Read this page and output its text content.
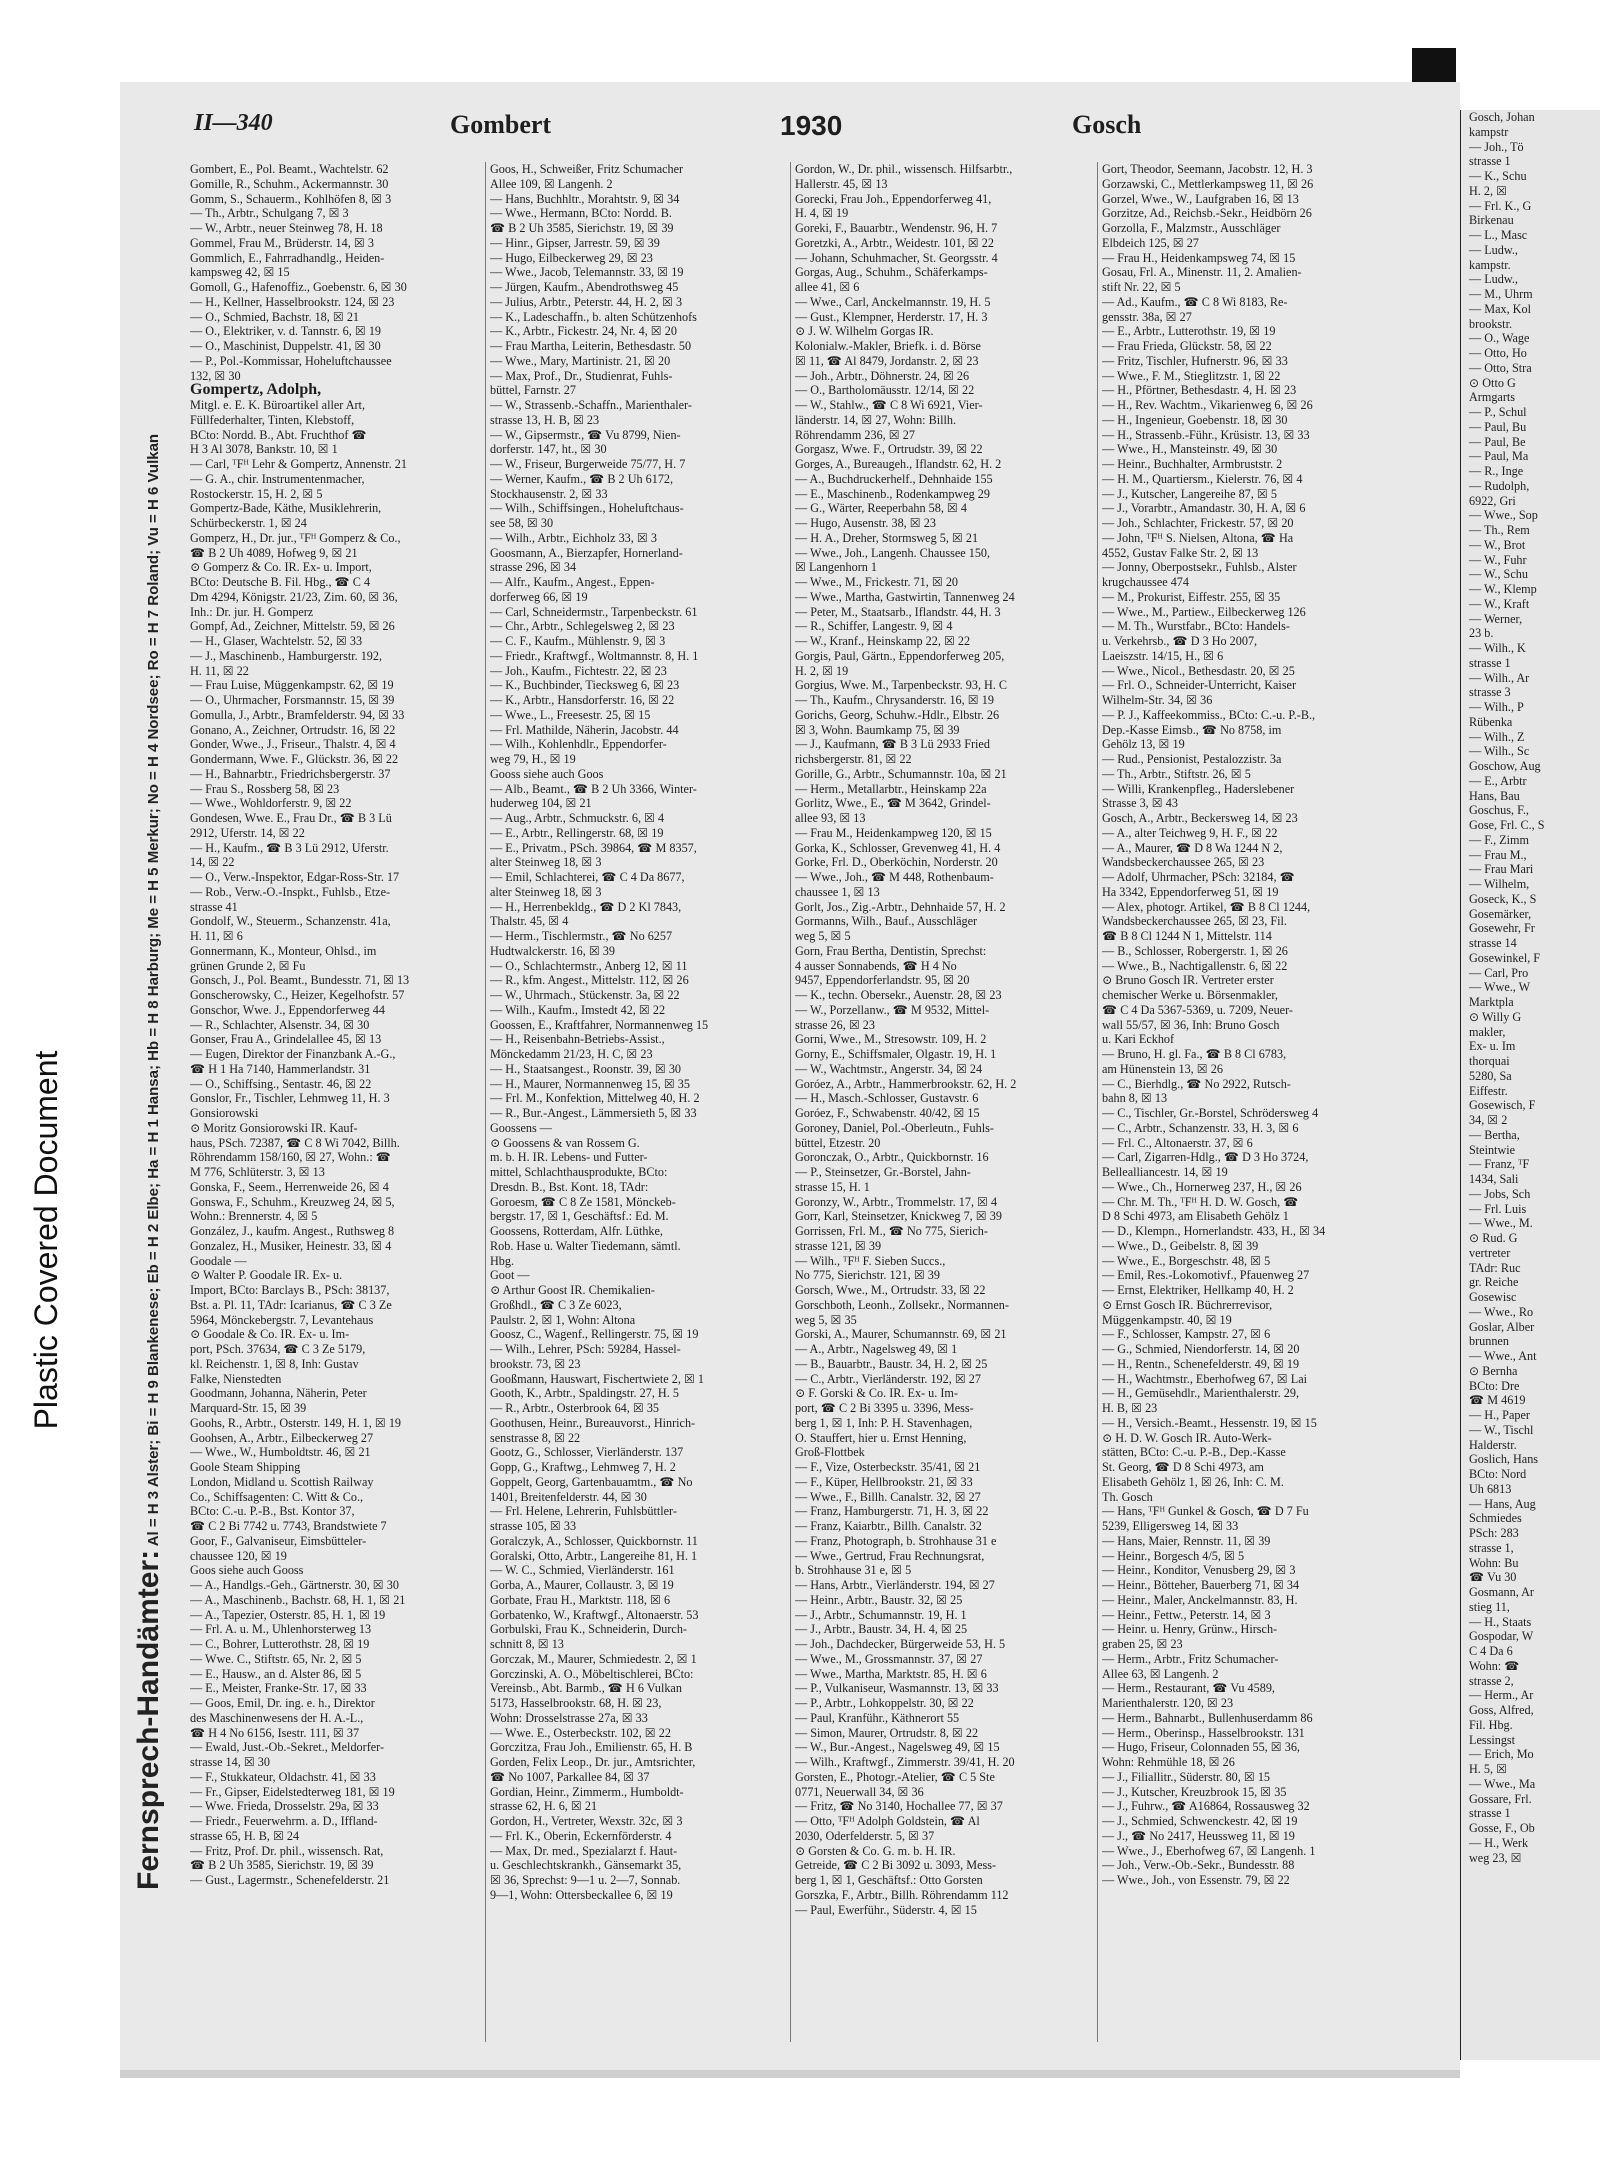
Gosch, Johan
kampstr
— Joh., Tö
strasse 1
— K., Schu
H. 2, ☒
— Frl. K., G
Birkenau
— L., Masc
— Ludw.,
kampstr.
— Ludw.,
— M., Uhrm
— Max, Kol
brookstr.
— O., Wage
— Otto, Ho
— Otto, Stra
⊙ Otto G
Armgarts
— P., Schul
— Paul, Bu
— Paul, Be
— Paul, Ma
— R., Inge
— Rudolph,
6922, Gri
— Wwe., Sop
— Th., Rem
— W., Brot
— W., Fuhr
— W., Schu
— W., Klemp
— W., Kraft
— Werner,
23 b.
— Wilh., K
strasse 1
— Wilh., Ar
strasse 3
— Wilh., P
Rübenka
— Wilh., Z
— Wilh., Sc
Goschow, Aug
— E., Arbtr
Hans, Bau
Goschus, F.,
Gose, Frl. C., S
— F., Zimm
— Frau M.,
— Frau Mari
— Wilhelm,
Goseck, K., S
Gosemärker,
Gosewehr, Fr
strasse 14
Gosewinkel, F
— Carl, Pro
— Wwe., W
Marktpla
⊙ Willy G
makler,
Ex- u. Im
thorquai
5280, Sa
Eiffestr.
Gosewisch, F
34, ☒ 2
— Bertha,
Steintwie
— Franz, ᵀF
1434, Sali
— Jobs, Sch
— Frl. Luis
— Wwe., M.
⊙ Rud. G
vertreter
TAdr: Ruc
gr. Reiche
Gosewisc
— Wwe., Ro
Goslar, Alber
brunnen
— Wwe., Ant
⊙ Bernha
BCto: Dre
☎ M 4619
— H., Paper
— W., Tischl
Halderstr.
Goslich, Hans
BCto: Nord
Uh 6813
— Hans, Aug
Schmiedes
PSch: 283
strasse 1,
Wohn: Bu
☎ Vu 30
Gosmann, Ar
stieg 11,
— H., Staats
Gospodar, W
C 4 Da 6
Wohn: ☎
strasse 2,
— Herm., Ar
Goss, Alfred,
Fil. Hbg.
Lessingst
— Erich, Mo
H. 5, ☒
— Wwe., Ma
Gossare, Frl.
strasse 1
Gosse, F., Ob
— H., Werk
weg 23, ☒
II—340	Gombert	1930	Gosch
Fernsprech-Handämter: Al = H 3 Alster; Bi = H 9 Blankenese; Eb = H 2 Elbe; Ha = H 1 Hansa; Hb = H 8 Harburg; Me = H 5 Merkur; No = H 4 Nordsee; Ro = H 7 Roland; Vu = H 6 Vulkan
Gombert, E., Pol. Beamt., Wachtelstr. 62
Gomille, R., Schuhm., Ackermannstr. 30
Gomm, S., Schauerm., Kohlhöfen 8, ☒ 3
— Th., Arbtr., Schulgang 7, ☒ 3
— W., Arbtr., neuer Steinweg 78, H. 18
Gommel, Frau M., Brüderstr. 14, ☒ 3
Gommlich, E., Fahrradhandlg., Heiden-
kampsweg 42, ☒ 15
Gomoll, G., Hafenoffiz., Goebenstr. 6, ☒ 30
— H., Kellner, Hasselbrookstr. 124, ☒ 23
— O., Schmied, Bachstr. 18, ☒ 21
— O., Elektriker, v. d. Tannstr. 6, ☒ 19
— O., Maschinist, Duppelstr. 41, ☒ 30
— P., Pol.-Kommissar, Hoheluftchaussee
132, ☒ 30
Gompertz, Adolph,
Mitgl. e. E. K. Büroartikel aller Art,
Füllfederhalter, Tinten, Klebstoff,
BCto: Nordd. B., Abt. Fruchthof ☎
H 3 Al 3078, Bankstr. 10, ☒ 1
— Carl, ᵀFᴴ Lehr & Gompertz, Annenstr. 21
— G. A., chir. Instrumentenmacher,
Rostockerstr. 15, H. 2, ☒ 5
Gompertz-Bade, Käthe, Musiklehrerin,
Schürbeckerstr. 1, ☒ 24
Gomperz, H., Dr. jur., ᵀFᴴ Gomperz & Co.,
☎ B 2 Uh 4089, Hofweg 9, ☒ 21
⊙ Gomperz & Co. IR. Ex- u. Import,
BCto: Deutsche B. Fil. Hbg., ☎ C 4
Dm 4294, Königstr. 21/23, Zim. 60, ☒ 36,
Inh.: Dr. jur. H. Gomperz
Gompf, Ad., Zeichner, Mittelstr. 59, ☒ 26
— H., Glaser, Wachtelstr. 52, ☒ 33
— J., Maschinenb., Hamburgerstr. 192,
H. 11, ☒ 22
— Frau Luise, Müggenkampstr. 62, ☒ 19
— O., Uhrmacher, Forsmannstr. 15, ☒ 39
Gomulla, J., Arbtr., Bramfelderstr. 94, ☒ 33
Gonano, A., Zeichner, Ortrudstr. 16, ☒ 22
Gonder, Wwe., J., Friseur., Thalstr. 4, ☒ 4
Gondermann, Wwe. F., Glückstr. 36, ☒ 22
— H., Bahnarbtr., Friedrichsbergerstr. 37
— Frau S., Rossberg 58, ☒ 23
— Wwe., Wohldorferstr. 9, ☒ 22
Gondesen, Wwe. E., Frau Dr., ☎ B 3 Lü
2912, Uferstr. 14, ☒ 22
— H., Kaufm., ☎ B 3 Lü 2912, Uferstr.
14, ☒ 22
— O., Verw.-Inspektor, Edgar-Ross-Str. 17
— Rob., Verw.-O.-Inspkt., Fuhlsb., Etze-
strasse 41
Gondolf, W., Steuerm., Schanzenstr. 41a,
H. 11, ☒ 6
Gonnermann, K., Monteur, Ohlsd., im
grünen Grunde 2, ☒ Fu
Gonsch, J., Pol. Beamt., Bundesstr. 71, ☒ 13
Gonscherowsky, C., Heizer, Kegelhofstr. 57
Gonschor, Wwe. J., Eppendorferweg 44
— R., Schlachter, Alsenstr. 34, ☒ 30
Gonser, Frau A., Grindelallee 45, ☒ 13
— Eugen, Direktor der Finanzbank A.-G.,
☎ H 1 Ha 7140, Hammerlandstr. 31
— O., Schiffsing., Sentastr. 46, ☒ 22
Gonslor, Fr., Tischler, Lehmweg 11, H. 3
Gonsiorowski
⊙ Moritz Gonsiorowski IR. Kauf-
haus, PSch. 72387, ☎ C 8 Wi 7042, Billh.
Röhrendamm 158/160, ☒ 27, Wohn.: ☎
M 776, Schlüterstr. 3, ☒ 13
Gonska, F., Seem., Herrenweide 26, ☒ 4
Gonswa, F., Schuhm., Kreuzweg 24, ☒ 5,
Wohn.: Brennerstr. 4, ☒ 5
González, J., kaufm. Angest., Ruthsweg 8
Gonzalez, H., Musiker, Heinestr. 33, ☒ 4
Goodale —
⊙ Walter P. Goodale IR. Ex- u.
Import, BCto: Barclays B., PSch: 38137,
Bst. a. Pl. 11, TAdr: Icarianus, ☎ C 3 Ze
5964, Mönckebergstr. 7, Levantehaus
⊙ Goodale & Co. IR. Ex- u. Im-
port, PSch. 37634, ☎ C 3 Ze 5179,
kl. Reichenstr. 1, ☒ 8, Inh: Gustav
Falke, Nienstedten
Goodmann, Johanna, Näherin, Peter
Marquard-Str. 15, ☒ 39
Goohs, R., Arbtr., Osterstr. 149, H. 1, ☒ 19
Goohsen, A., Arbtr., Eilbeckerweg 27
— Wwe., W., Humboldtstr. 46, ☒ 21
Goole Steam Shipping
London, Midland u. Scottish Railway
Co., Schiffsagenten: C. Witt & Co.,
BCto: C.-u. P.-B., Bst. Kontor 37,
☎ C 2 Bi 7742 u. 7743, Brandstwiete 7
Goor, F., Galvaniseur, Eimsbütteler-
chaussee 120, ☒ 19
Goos siehe auch Gooss
— A., Handlgs.-Geh., Gärtnerstr. 30, ☒ 30
— A., Maschinenb., Bachstr. 68, H. 1, ☒ 21
— A., Tapezier, Osterstr. 85, H. 1, ☒ 19
— Frl. A. u. M., Uhlenhorsterweg 13
— C., Bohrer, Lutterothstr. 28, ☒ 19
— Wwe. C., Stiftstr. 65, Nr. 2, ☒ 5
— E., Hausw., an d. Alster 86, ☒ 5
— E., Meister, Franke-Str. 17, ☒ 33
— Goos, Emil, Dr. ing. e. h., Direktor
des Maschinenwesens der H. A.-L.,
☎ H 4 No 6156, Isestr. 111, ☒ 37
— Ewald, Just.-Ob.-Sekret., Meldorfer-
strasse 14, ☒ 30
— F., Stukkateur, Oldachstr. 41, ☒ 33
— Fr., Gipser, Eidelstedterweg 181, ☒ 19
— Wwe. Frieda, Drosselstr. 29a, ☒ 33
— Friedr., Feuerwehrm. a. D., Iffland-
strasse 65, H. B, ☒ 24
— Fritz, Prof. Dr. phil., wissensch. Rat,
☎ B 2 Uh 3585, Sierichstr. 19, ☒ 39
— Gust., Lagermstr., Schenefelderstr. 21
Goos, H., Schweißer, Fritz Schumacher
Allee 109, ☒ Langenh. 2
— Hans, Buchhltr., Morahtstr. 9, ☒ 34
— Wwe., Hermann, BCto: Nordd. B.
☎ B 2 Uh 3585, Sierichstr. 19, ☒ 39
— Hinr., Gipser, Jarrestr. 59, ☒ 39
— Hugo, Eilbeckerweg 29, ☒ 23
— Wwe., Jacob, Telemannstr. 33, ☒ 19
— Jürgen, Kaufm., Abendrothsweg 45
— Julius, Arbtr., Peterstr. 44, H. 2, ☒ 3
— K., Ladeschaffn., b. alten Schützenhofs
— K., Arbtr., Fickestr. 24, Nr. 4, ☒ 20
— Frau Martha, Leiterin, Bethesdastr. 50
— Wwe., Mary, Martinistr. 21, ☒ 20
— Max, Prof., Dr., Studienrat, Fuhls-
büttel, Farnstr. 27
— W., Strassenb.-Schaffn., Marienthaler-
strasse 13, H. B, ☒ 23
— W., Gipsermstr., ☎ Vu 8799, Nien-
dorferstr. 147, ht., ☒ 30
— W., Friseur, Burgerweide 75/77, H. 7
— Werner, Kaufm., ☎ B 2 Uh 6172,
Stockhausenstr. 2, ☒ 33
— Wilh., Schiffsingen., Hoheluftchaus-
see 58, ☒ 30
— Wilh., Arbtr., Eichholz 33, ☒ 3
Goosmann, A., Bierzapfer, Hornerland-
strasse 296, ☒ 34
— Alfr., Kaufm., Angest., Eppen-
dorferweg 66, ☒ 19
— Carl, Schneidermstr., Tarpenbeckstr. 61
— Chr., Arbtr., Schlegelsweg 2, ☒ 23
— C. F., Kaufm., Mühlenstr. 9, ☒ 3
— Friedr., Kraftwgf., Woltmannstr. 8, H. 1
— Joh., Kaufm., Fichtestr. 22, ☒ 23
— K., Buchbinder, Tiecksweg 6, ☒ 23
— K., Arbtr., Hansdorferstr. 16, ☒ 22
— Wwe., L., Freesestr. 25, ☒ 15
— Frl. Mathilde, Näherin, Jacobstr. 44
— Wilh., Kohlenhdlr., Eppendorfer-
weg 79, H., ☒ 19
Gooss siehe auch Goos
— Alb., Beamt., ☎ B 2 Uh 3366, Winter-
huderweg 104, ☒ 21
— Aug., Arbtr., Schmuckstr. 6, ☒ 4
— E., Arbtr., Rellingerstr. 68, ☒ 19
— E., Privatm., PSch. 39864, ☎ M 8357,
alter Steinweg 18, ☒ 3
— Emil, Schlachterei, ☎ C 4 Da 8677,
alter Steinweg 18, ☒ 3
— H., Herrenbekldg., ☎ D 2 Kl 7843,
Thalstr. 45, ☒ 4
— Herm., Tischlermstr., ☎ No 6257
Hudtwalckerstr. 16, ☒ 39
— O., Schlachtermstr., Anberg 12, ☒ 11
— R., kfm. Angest., Mittelstr. 112, ☒ 26
— W., Uhrmach., Stückenstr. 3a, ☒ 22
— Wilh., Kaufm., Imstedt 42, ☒ 22
Goossen, E., Kraftfahrer, Normannenweg 15
— H., Reisenbahn-Betriebs-Assist.,
Mönckedamm 21/23, H. C, ☒ 23
— H., Staatsangest., Roonstr. 39, ☒ 30
— H., Maurer, Normannenweg 15, ☒ 35
— Frl. M., Konfektion, Mittelweg 40, H. 2
— R., Bur.-Angest., Lämmersieth 5, ☒ 33
Goossens —
⊙ Goossens & van Rossem G.
m. b. H. IR. Lebens- und Futter-
mittel, Schlachthausprodukte, BCto:
Dresdn. B., Bst. Kont. 18, TAdr:
Goroesm, ☎ C 8 Ze 1581, Mönckeb-
bergstr. 17, ☒ 1, Geschäftsf.: Ed. M.
Goossens, Rotterdam, Alfr. Lüthke,
Rob. Hase u. Walter Tiedemann, sämtl.
Hbg.
Goot —
⊙ Arthur Goost IR. Chemikalien-
Großhdl., ☎ C 3 Ze 6023,
Paulstr. 2, ☒ 1, Wohn: Altona
Goosz, C., Wagenf., Rellingerstr. 75, ☒ 19
— Wilh., Lehrer, PSch: 59284, Hassel-
brookstr. 73, ☒ 23
Gooßmann, Hauswart, Fischertwiete 2, ☒ 1
Gooth, K., Arbtr., Spaldingstr. 27, H. 5
— R., Arbtr., Osterbrook 64, ☒ 35
Goothusen, Heinr., Bureauvorst., Hinrich-
senstrasse 8, ☒ 22
Gootz, G., Schlosser, Vierländerstr. 137
Gopp, G., Kraftwg., Lehmweg 7, H. 2
Goppelt, Georg, Gartenbauamtm., ☎ No
1401, Breitenfelderstr. 44, ☒ 30
— Frl. Helene, Lehrerin, Fuhlsbüttler-
strasse 105, ☒ 33
Goralczyk, A., Schlosser, Quickbornstr. 11
Goralski, Otto, Arbtr., Langereihe 81, H. 1
— W. C., Schmied, Vierländerstr. 161
Gorba, A., Maurer, Collaustr. 3, ☒ 19
Gorbate, Frau H., Marktstr. 118, ☒ 6
Gorbatenko, W., Kraftwgf., Altonaerstr. 53
Gorbulski, Frau K., Schneiderin, Durch-
schnitt 8, ☒ 13
Gorczak, M., Maurer, Schmiedestr. 2, ☒ 1
Gorczinski, A. O., Möbeltischlerei, BCto:
Vereinsb., Abt. Barmb., ☎ H 6 Vulkan
5173, Hasselbrookstr. 68, H. ☒ 23,
Wohn: Drosselstrasse 27a, ☒ 33
— Wwe. E., Osterbeckstr. 102, ☒ 22
Gorczitza, Frau Joh., Emilienstr. 65, H. B
Gorden, Felix Leop., Dr. jur., Amtsrichter,
☎ No 1007, Parkallee 84, ☒ 37
Gordian, Heinr., Zimmerm., Humboldt-
strasse 62, H. 6, ☒ 21
Gordon, H., Vertreter, Wexstr. 32c, ☒ 3
— Frl. K., Oberin, Eckernförderstr. 4
— Max, Dr. med., Spezialarzt f. Haut-
u. Geschlechtskrankh., Gänsemarkt 35,
☒ 36, Sprechst: 9—1 u. 2—7, Sonnab.
9—1, Wohn: Ottersbeckallee 6, ☒ 19
Gordon, W., Dr. phil., wissensch. Hilfsarbtr.,
Hallerstr. 45, ☒ 13
Gorecki, Frau Joh., Eppendorferweg 41,
H. 4, ☒ 19
Goreki, F., Bauarbtr., Wendenstr. 96, H. 7
Goretzki, A., Arbtr., Weidestr. 101, ☒ 22
— Johann, Schuhmacher, St. Georgsstr. 4
Gorgas, Aug., Schuhm., Schäferkamps-
allee 41, ☒ 6
— Wwe., Carl, Anckelmannstr. 19, H. 5
— Gust., Klempner, Herderstr. 17, H. 3
⊙ J. W. Wilhelm Gorgas IR.
Kolonialw.-Makler, Briefk. i. d. Börse
☒ 11, ☎ Al 8479, Jordanstr. 2, ☒ 23
— Joh., Arbtr., Döhnerstr. 24, ☒ 26
— O., Bartholomäusstr. 12/14, ☒ 22
— W., Stahlw., ☎ C 8 Wi 6921, Vier-
länderstr. 14, ☒ 27, Wohn: Billh.
Röhrendamm 236, ☒ 27
Gorgasz, Wwe. F., Ortrudstr. 39, ☒ 22
Gorges, A., Bureaugeh., Iflandstr. 62, H. 2
— A., Buchdruckerhelf., Dehnhaide 155
— E., Maschinenb., Rodenkampweg 29
— G., Wärter, Reeperbahn 58, ☒ 4
— Hugo, Ausenstr. 38, ☒ 23
— H. A., Dreher, Stormsweg 5, ☒ 21
— Wwe., Joh., Langenh. Chaussee 150,
☒ Langenhorn 1
— Wwe., M., Frickestr. 71, ☒ 20
— Wwe., Martha, Gastwirtin, Tannenweg 24
— Peter, M., Staatsarb., Iflandstr. 44, H. 3
— R., Schiffer, Langestr. 9, ☒ 4
— W., Kranf., Heinskamp 22, ☒ 22
Gorgis, Paul, Gärtn., Eppendorferweg 205,
H. 2, ☒ 19
Gorgius, Wwe. M., Tarpenbeckstr. 93, H. C
— Th., Kaufm., Chrysanderstr. 16, ☒ 19
Gorichs, Georg, Schuhw.-Hdlr., Elbstr. 26
☒ 3, Wohn. Baumkamp 75, ☒ 39
— J., Kaufmann, ☎ B 3 Lü 2933 Fried
richsbergerstr. 81, ☒ 22
Gorille, G., Arbtr., Schumannstr. 10a, ☒ 21
— Herm., Metallarbtr., Heinskamp 22a
Gorlitz, Wwe., E., ☎ M 3642, Grindel-
allee 93, ☒ 13
— Frau M., Heidenkampweg 120, ☒ 15
Gorka, K., Schlosser, Grevenweg 41, H. 4
Gorke, Frl. D., Oberköchin, Norderstr. 20
— Wwe., Joh., ☎ M 448, Rothenbaum-
chaussee 1, ☒ 13
Gorlt, Jos., Zig.-Arbtr., Dehnhaide 57, H. 2
Gormanns, Wilh., Bauf., Ausschläger
weg 5, ☒ 5
Gorn, Frau Bertha, Dentistin, Sprechst:
4 ausser Sonnabends, ☎ H 4 No
9457, Eppendorferlandstr. 95, ☒ 20
— K., techn. Obersekr., Auenstr. 28, ☒ 23
— W., Porzellanw., ☎ M 9532, Mittel-
strasse 26, ☒ 23
Gorni, Wwe., M., Stresowstr. 109, H. 2
Gorny, E., Schiffsmaler, Olgastr. 19, H. 1
— W., Wachtmstr., Angerstr. 34, ☒ 24
Goróez, A., Arbtr., Hammerbrookstr. 62, H. 2
— H., Masch.-Schlosser, Gustavstr. 6
Goróez, F., Schwabenstr. 40/42, ☒ 15
Goroney, Daniel, Pol.-Oberleutn., Fuhls-
büttel, Etzestr. 20
Goronczak, O., Arbtr., Quickbornstr. 16
— P., Steinsetzer, Gr.-Borstel, Jahn-
strasse 15, H. 1
Goronzy, W., Arbtr., Trommelstr. 17, ☒ 4
Gorr, Karl, Steinsetzer, Knickweg 7, ☒ 39
Gorrissen, Frl. M., ☎ No 775, Sierich-
strasse 121, ☒ 39
— Wilh., ᵀFᴴ F. Sieben Succs.,
No 775, Sierichstr. 121, ☒ 39
Gorsch, Wwe., M., Ortrudstr. 33, ☒ 22
Gorschboth, Leonh., Zollsekr., Normannen-
weg 5, ☒ 35
Gorski, A., Maurer, Schumannstr. 69, ☒ 21
— A., Arbtr., Nagelsweg 49, ☒ 1
— B., Bauarbtr., Baustr. 34, H. 2, ☒ 25
— C., Arbtr., Vierländerstr. 192, ☒ 27
⊙ F. Gorski & Co. IR. Ex- u. Im-
port, ☎ C 2 Bi 3395 u. 3396, Mess-
berg 1, ☒ 1, Inh: P. H. Stavenhagen,
O. Stauffert, hier u. Ernst Henning,
Groß-Flottbek
— F., Vize, Osterbeckstr. 35/41, ☒ 21
— F., Küper, Hellbrookstr. 21, ☒ 33
— Wwe., F., Billh. Canalstr. 32, ☒ 27
— Franz, Hamburgerstr. 71, H. 3, ☒ 22
— Franz, Kaiarbtr., Billh. Canalstr. 32
— Franz, Photograph, b. Strohhause 31 e
— Wwe., Gertrud, Frau Rechnungsrat,
b. Strohhause 31 e, ☒ 5
— Hans, Arbtr., Vierländerstr. 194, ☒ 27
— Heinr., Arbtr., Baustr. 32, ☒ 25
— J., Arbtr., Schumannstr. 19, H. 1
— J., Arbtr., Baustr. 34, H. 4, ☒ 25
— Joh., Dachdecker, Bürgerweide 53, H. 5
— Wwe., M., Grossmannstr. 37, ☒ 27
— Wwe., Martha, Marktstr. 85, H. ☒ 6
— P., Vulkaniseur, Wasmannstr. 13, ☒ 33
— P., Arbtr., Lohkoppelstr. 30, ☒ 22
— Paul, Kranführ., Käthnerort 55
— Simon, Maurer, Ortrudstr. 8, ☒ 22
— W., Bur.-Angest., Nagelsweg 49, ☒ 15
— Wilh., Kraftwgf., Zimmerstr. 39/41, H. 20
Gorsten, E., Photogr.-Atelier, ☎ C 5 Ste
0771, Neuerwall 34, ☒ 36
— Fritz, ☎ No 3140, Hochallee 77, ☒ 37
— Otto, ᵀFᴴ Adolph Goldstein, ☎ Al
2030, Oderfelderstr. 5, ☒ 37
⊙ Gorsten & Co. G. m. b. H. IR.
Getreide, ☎ C 2 Bi 3092 u. 3093, Mess-
berg 1, ☒ 1, Geschäftsf.: Otto Gorsten
Gorszka, F., Arbtr., Billh. Röhrendamm 112
— Paul, Ewerführ., Süderstr. 4, ☒ 15
Gort, Theodor, Seemann, Jacobstr. 12, H. 3
Gorzawski, C., Mettlerkampsweg 11, ☒ 26
Gorzel, Wwe., W., Laufgraben 16, ☒ 13
Gorzitze, Ad., Reichsb.-Sekr., Heidbörn 26
Gorzolla, F., Malzmstr., Ausschläger
Elbdeich 125, ☒ 27
— Frau H., Heidenkampsweg 74, ☒ 15
Gosau, Frl. A., Minenstr. 11, 2. Amalien-
stift Nr. 22, ☒ 5
— Ad., Kaufm., ☎ C 8 Wi 8183, Re-
gensstr. 38a, ☒ 27
— E., Arbtr., Lutterothstr. 19, ☒ 19
— Frau Frieda, Glückstr. 58, ☒ 22
— Fritz, Tischler, Hufnerstr. 96, ☒ 33
— Wwe., F. M., Stieglitzstr. 1, ☒ 22
— H., Pförtner, Bethesdastr. 4, H. ☒ 23
— H., Rev. Wachtm., Vikarienweg 6, ☒ 26
— H., Ingenieur, Goebenstr. 18, ☒ 30
— H., Strassenb.-Führ., Krüsistr. 13, ☒ 33
— Wwe., H., Mansteinstr. 49, ☒ 30
— Heinr., Buchhalter, Armbruststr. 2
— H. M., Quartiersm., Kielerstr. 76, ☒ 4
— J., Kutscher, Langereihe 87, ☒ 5
— J., Vorarbtr., Amandastr. 30, H. A, ☒ 6
— Joh., Schlachter, Frickestr. 57, ☒ 20
— John, ᵀFᴴ S. Nielsen, Altona, ☎ Ha
4552, Gustav Falke Str. 2, ☒ 13
— Jonny, Oberpostsekr., Fuhlsb., Alster
krugchaussee 474
— M., Prokurist, Eiffestr. 255, ☒ 35
— Wwe., M., Partiew., Eilbeckerweg 126
— M. Th., Wurstfabr., BCto: Handels-
u. Verkehrsb., ☎ D 3 Ho 2007,
Laeiszstr. 14/15, H., ☒ 6
— Wwe., Nicol., Bethesdastr. 20, ☒ 25
— Frl. O., Schneider-Unterricht, Kaiser
Wilhelm-Str. 34, ☒ 36
— P. J., Kaffeekommiss., BCto: C.-u. P.-B.,
Dep.-Kasse Eimsb., ☎ No 8758, im
Gehölz 13, ☒ 19
— Rud., Pensionist, Pestalozzistr. 3a
— Th., Arbtr., Stiftstr. 26, ☒ 5
— Willi, Krankenpfleg., Haderslebener
Strasse 3, ☒ 43
Gosch, A., Arbtr., Beckersweg 14, ☒ 23
— A., alter Teichweg 9, H. F., ☒ 22
— A., Maurer, ☎ D 8 Wa 1244 N 2,
Wandsbeckerchaussee 265, ☒ 23
— Adolf, Uhrmacher, PSch: 32184, ☎
Ha 3342, Eppendorferweg 51, ☒ 19
— Alex, photogr. Artikel, ☎ B 8 Cl 1244,
Wandsbeckerchaussee 265, ☒ 23, Fil.
☎ B 8 Cl 1244 N 1, Mittelstr. 114
— B., Schlosser, Robergerstr. 1, ☒ 26
— Wwe., B., Nachtigallenstr. 6, ☒ 22
⊙ Bruno Gosch IR. Vertreter erster
chemischer Werke u. Börsenmakler,
☎ C 4 Da 5367-5369, u. 7209, Neuer-
wall 55/57, ☒ 36, Inh: Bruno Gosch
u. Kari Eckhof
— Bruno, H. gl. Fa., ☎ B 8 Cl 6783,
am Hünenstein 13, ☒ 26
— C., Bierhdlg., ☎ No 2922, Rutsch-
bahn 8, ☒ 13
— C., Tischler, Gr.-Borstel, Schrödersweg 4
— C., Arbtr., Schanzenstr. 33, H. 3, ☒ 6
— Frl. C., Altonaerstr. 37, ☒ 6
— Carl, Zigarren-Hdlg., ☎ D 3 Ho 3724,
Bellealliancestr. 14, ☒ 19
— Wwe., Ch., Hornerweg 237, H., ☒ 26
— Chr. M. Th., ᵀFᴴ H. D. W. Gosch, ☎
D 8 Schi 4973, am Elisabeth Gehölz 1
— D., Klempn., Hornerlandstr. 433, H., ☒ 34
— Wwe., D., Geibelstr. 8, ☒ 39
— Wwe., E., Borgeschstr. 48, ☒ 5
— Emil, Res.-Lokomotivf., Pfauenweg 27
— Ernst, Elektriker, Hellkamp 40, H. 2
⊙ Ernst Gosch IR. Büchrerrevisor,
Müggenkampstr. 40, ☒ 19
— F., Schlosser, Kampstr. 27, ☒ 6
— G., Schmied, Niendorferstr. 14, ☒ 20
— H., Rentn., Schenefelderstr. 49, ☒ 19
— H., Wachtmstr., Eberhofweg 67, ☒ Lai
— H., Gemüsehdlr., Marienthalerstr. 29,
H. B, ☒ 23
— H., Versich.-Beamt., Hessenstr. 19, ☒ 15
⊙ H. D. W. Gosch IR. Auto-Werk-
stätten, BCto: C.-u. P.-B., Dep.-Kasse
St. Georg, ☎ D 8 Schi 4973, am
Elisabeth Gehölz 1, ☒ 26, Inh: C. M.
Th. Gosch
— Hans, ᵀFᴴ Gunkel & Gosch, ☎ D 7 Fu
5239, Elligersweg 14, ☒ 33
— Hans, Maier, Rennstr. 11, ☒ 39
— Heinr., Borgesch 4/5, ☒ 5
— Heinr., Konditor, Venusberg 29, ☒ 3
— Heinr., Bötteher, Bauerberg 71, ☒ 34
— Heinr., Maler, Anckelmannstr. 83, H.
— Heinr., Fettw., Peterstr. 14, ☒ 3
— Heinr. u. Henry, Grünw., Hirsch-
graben 25, ☒ 23
— Herm., Arbtr., Fritz Schumacher-
Allee 63, ☒ Langenh. 2
— Herm., Restaurant, ☎ Vu 4589,
Marienthalerstr. 120, ☒ 23
— Herm., Bahnarbt., Bullenhuserdamm 86
— Herm., Oberinsp., Hasselbrookstr. 131
— Hugo, Friseur, Colonnaden 55, ☒ 36,
Wohn: Rehmühle 18, ☒ 26
— J., Filiallitr., Süderstr. 80, ☒ 15
— J., Kutscher, Kreuzbrook 15, ☒ 35
— J., Fuhrw., ☎ A16864, Rossausweg 32
— J., Schmied, Schwenckestr. 42, ☒ 19
— J., ☎ No 2417, Heussweg 11, ☒ 19
— Wwe., J., Eberhofweg 67, ☒ Langenh. 1
— Joh., Verw.-Ob.-Sekr., Bundesstr. 88
— Wwe., Joh., von Essenstr. 79, ☒ 22
Plastic Covered Document
